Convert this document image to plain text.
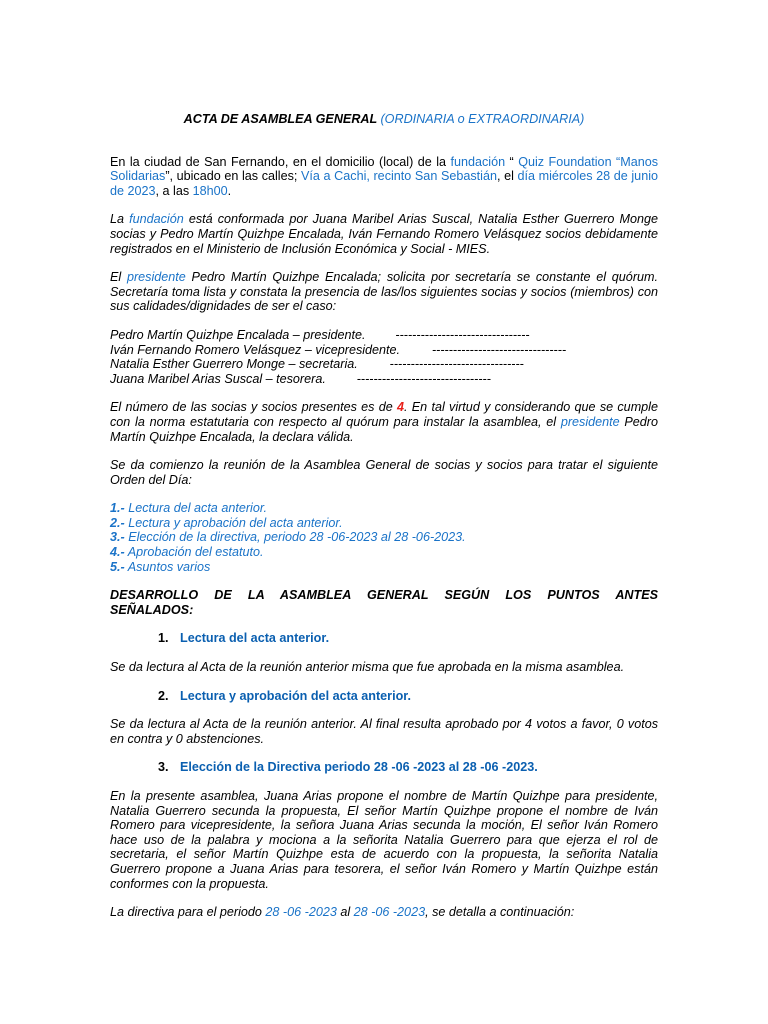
ACTA DE ASAMBLEA GENERAL (ORDINARIA o EXTRAORDINARIA)

En la ciudad de San Fernando, en el domicilio (local) de la fundación “ Quiz Foundation “Manos Solidarias”, ubicado en las calles; Vía a Cachi, recinto San Sebastián, el día miércoles 28 de junio de 2023, a las 18h00.

La fundación está conformada por Juana Maribel Arias Suscal, Natalia Esther Guerrero Monge socias y Pedro Martín Quizhpe Encalada, Iván Fernando Romero Velásquez socios debidamente registrados en el Ministerio de Inclusión Económica y Social - MIES.

El presidente Pedro Martín Quizhpe Encalada; solicita por secretaría se constante el quórum. Secretaría toma lista y constata la presencia de las/los siguientes socias y socios (miembros) con sus calidades/dignidades de ser el caso:

Pedro Martín Quizhpe Encalada – presidente. --------------------------------
Iván Fernando Romero Velásquez – vicepresidente.	--------------------------------
Natalia Esther Guerrero Monge – secretaria.	--------------------------------
Juana Maribel Arias Suscal – tesorera. --------------------------------

El número de las socias y socios presentes es de 4. En tal virtud y considerando que se cumple con la norma estatutaria con respecto al quórum para instalar la asamblea, el presidente Pedro Martín Quizhpe Encalada, la declara válida.

Se da comienzo la reunión de la Asamblea General de socias y socios para tratar el siguiente Orden del Día:

1.- Lectura del acta anterior.
2.- Lectura y aprobación del acta anterior.
3.- Elección de la directiva, periodo 28 -06-2023 al 28 -06-2023.
4.- Aprobación del estatuto.
5.- Asuntos varios
DESARROLLO DE LA ASAMBLEA GENERAL SEGÚN LOS PUNTOS ANTES
SEÑALADOS:
1. Lectura del acta anterior.

Se da lectura al Acta de la reunión anterior misma que fue aprobada en la misma asamblea.

2. Lectura y aprobación del acta anterior.

Se da lectura al Acta de la reunión anterior. Al final resulta aprobado por 4 votos a favor, 0 votos en contra y 0 abstenciones.

3. Elección de la Directiva periodo 28 -06 -2023 al 28 -06 -2023.

En la presente asamblea, Juana Arias propone el nombre de Martín Quizhpe para presidente, Natalia Guerrero secunda la propuesta, El señor Martín Quizhpe propone el nombre de Iván Romero para vicepresidente, la señora Juana Arias secunda la moción, El señor Iván Romero hace uso de la palabra y mociona a la señorita Natalia Guerrero para que ejerza el rol de secretaria, el señor Martín Quizhpe esta de acuerdo con la propuesta, la señorita Natalia Guerrero propone a Juana Arias para tesorera, el señor Iván Romero y Martín Quizhpe están conformes con la propuesta.

La directiva para el periodo 28 -06 -2023 al 28 -06 -2023, se detalla a continuación:
